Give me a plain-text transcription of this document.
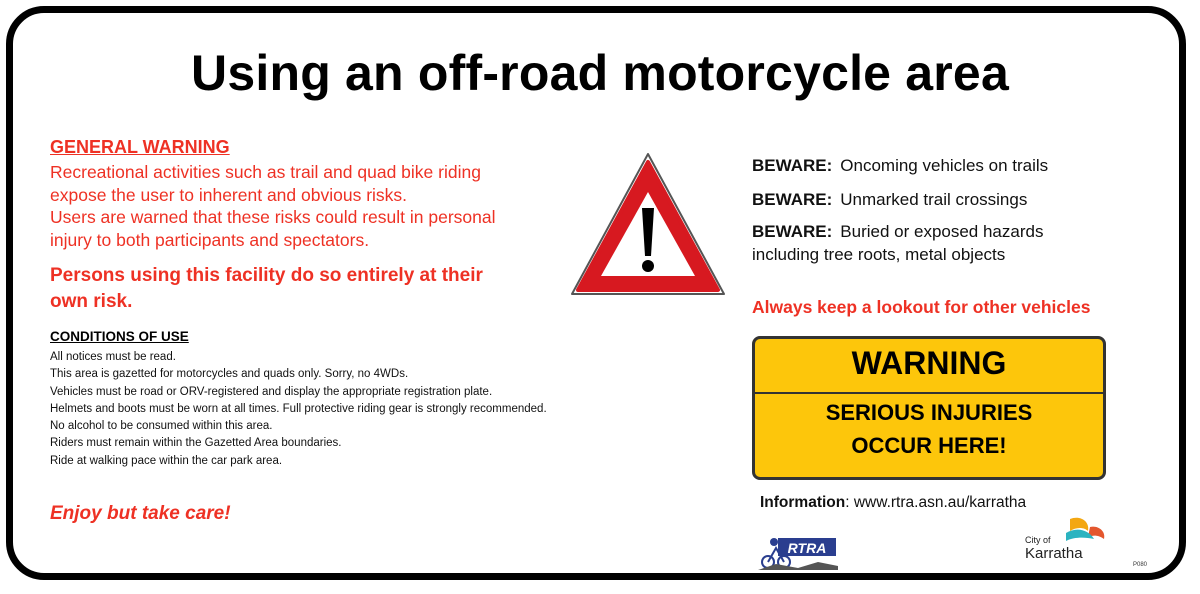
Using an off-road motorcycle area
GENERAL WARNING
Recreational activities such as trail and quad bike riding
expose the user to inherent and obvious risks.
Users are warned that these risks could result in personal
injury to both participants and spectators.
Persons using this facility do so entirely at their own risk.
CONDITIONS OF USE
All notices must be read.
This area is gazetted for motorcycles and quads only. Sorry, no 4WDs.
Vehicles must be road or ORV-registered and display the appropriate registration plate.
Helmets and boots must be worn at all times. Full protective riding gear is strongly recommended.
No alcohol to be consumed within this area.
Riders must remain within the Gazetted Area boundaries.
Ride at walking pace within the car park area.
Enjoy but take care!
BEWARE: Oncoming vehicles on trails
BEWARE: Unmarked trail crossings
BEWARE: Buried or exposed hazards
including tree roots, metal objects
Always keep a lookout for other vehicles
WARNING
SERIOUS INJURIES
OCCUR HERE!
Information: www.rtra.asn.au/karratha
RTRA	City of
Karratha
P080
